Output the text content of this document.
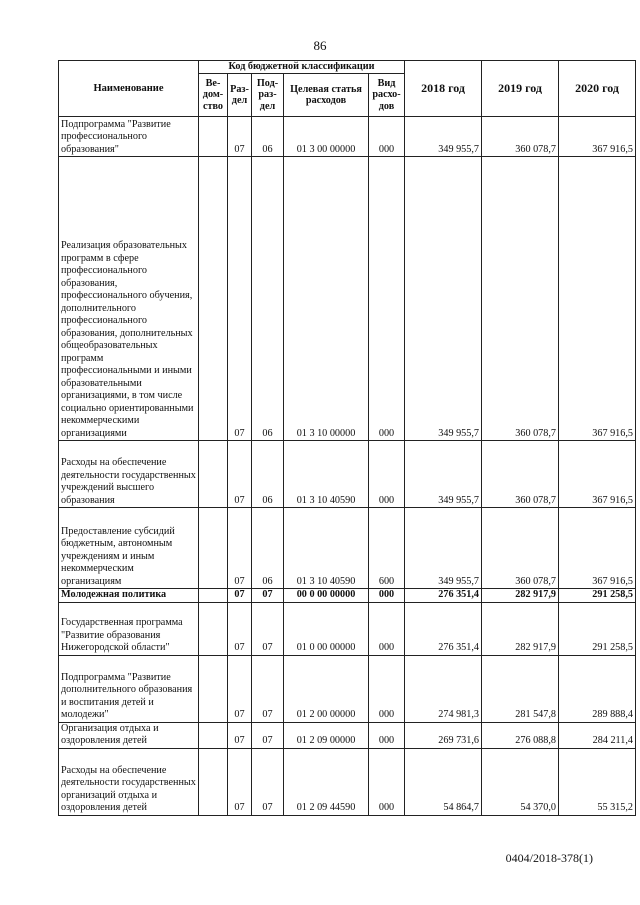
86
Наименование	Код бюджетной классификации					2018 год	2019 год	2020 год
	Ве-дом-ство	Раз-дел	Под-раз-дел	Целевая статья расходов	Вид расхо-дов			
Подпрограмма "Развитие профессионального образования"		07	06	01 3 00 00000	000	349 955,7	360 078,7	367 916,5
Реализация образовательных программ в сфере профессионального образования, профессионального обучения, дополнительного профессионального образования, дополнительных общеобразовательных программ профессиональными и иными образовательными организациями, в том числе социально ориентированными некоммерческими организациями		07	06	01 3 10 00000	000	349 955,7	360 078,7	367 916,5
Расходы на обеспечение деятельности государственных учреждений высшего образования		07	06	01 3 10 40590	000	349 955,7	360 078,7	367 916,5
Предоставление субсидий бюджетным, автономным учреждениям и иным некоммерческим организациям		07	06	01 3 10 40590	600	349 955,7	360 078,7	367 916,5
Молодежная политика		07	07	00 0 00 00000	000	276 351,4	282 917,9	291 258,5
Государственная программа "Развитие образования Нижегородской области"		07	07	01 0 00 00000	000	276 351,4	282 917,9	291 258,5
Подпрограмма "Развитие дополнительного образования и воспитания детей и молодежи"		07	07	01 2 00 00000	000	274 981,3	281 547,8	289 888,4
Организация отдыха и оздоровления детей		07	07	01 2 09 00000	000	269 731,6	276 088,8	284 211,4
Расходы на обеспечение деятельности государственных организаций отдыха и оздоровления детей		07	07	01 2 09 44590	000	54 864,7	54 370,0	55 315,2
0404/2018-378(1)
